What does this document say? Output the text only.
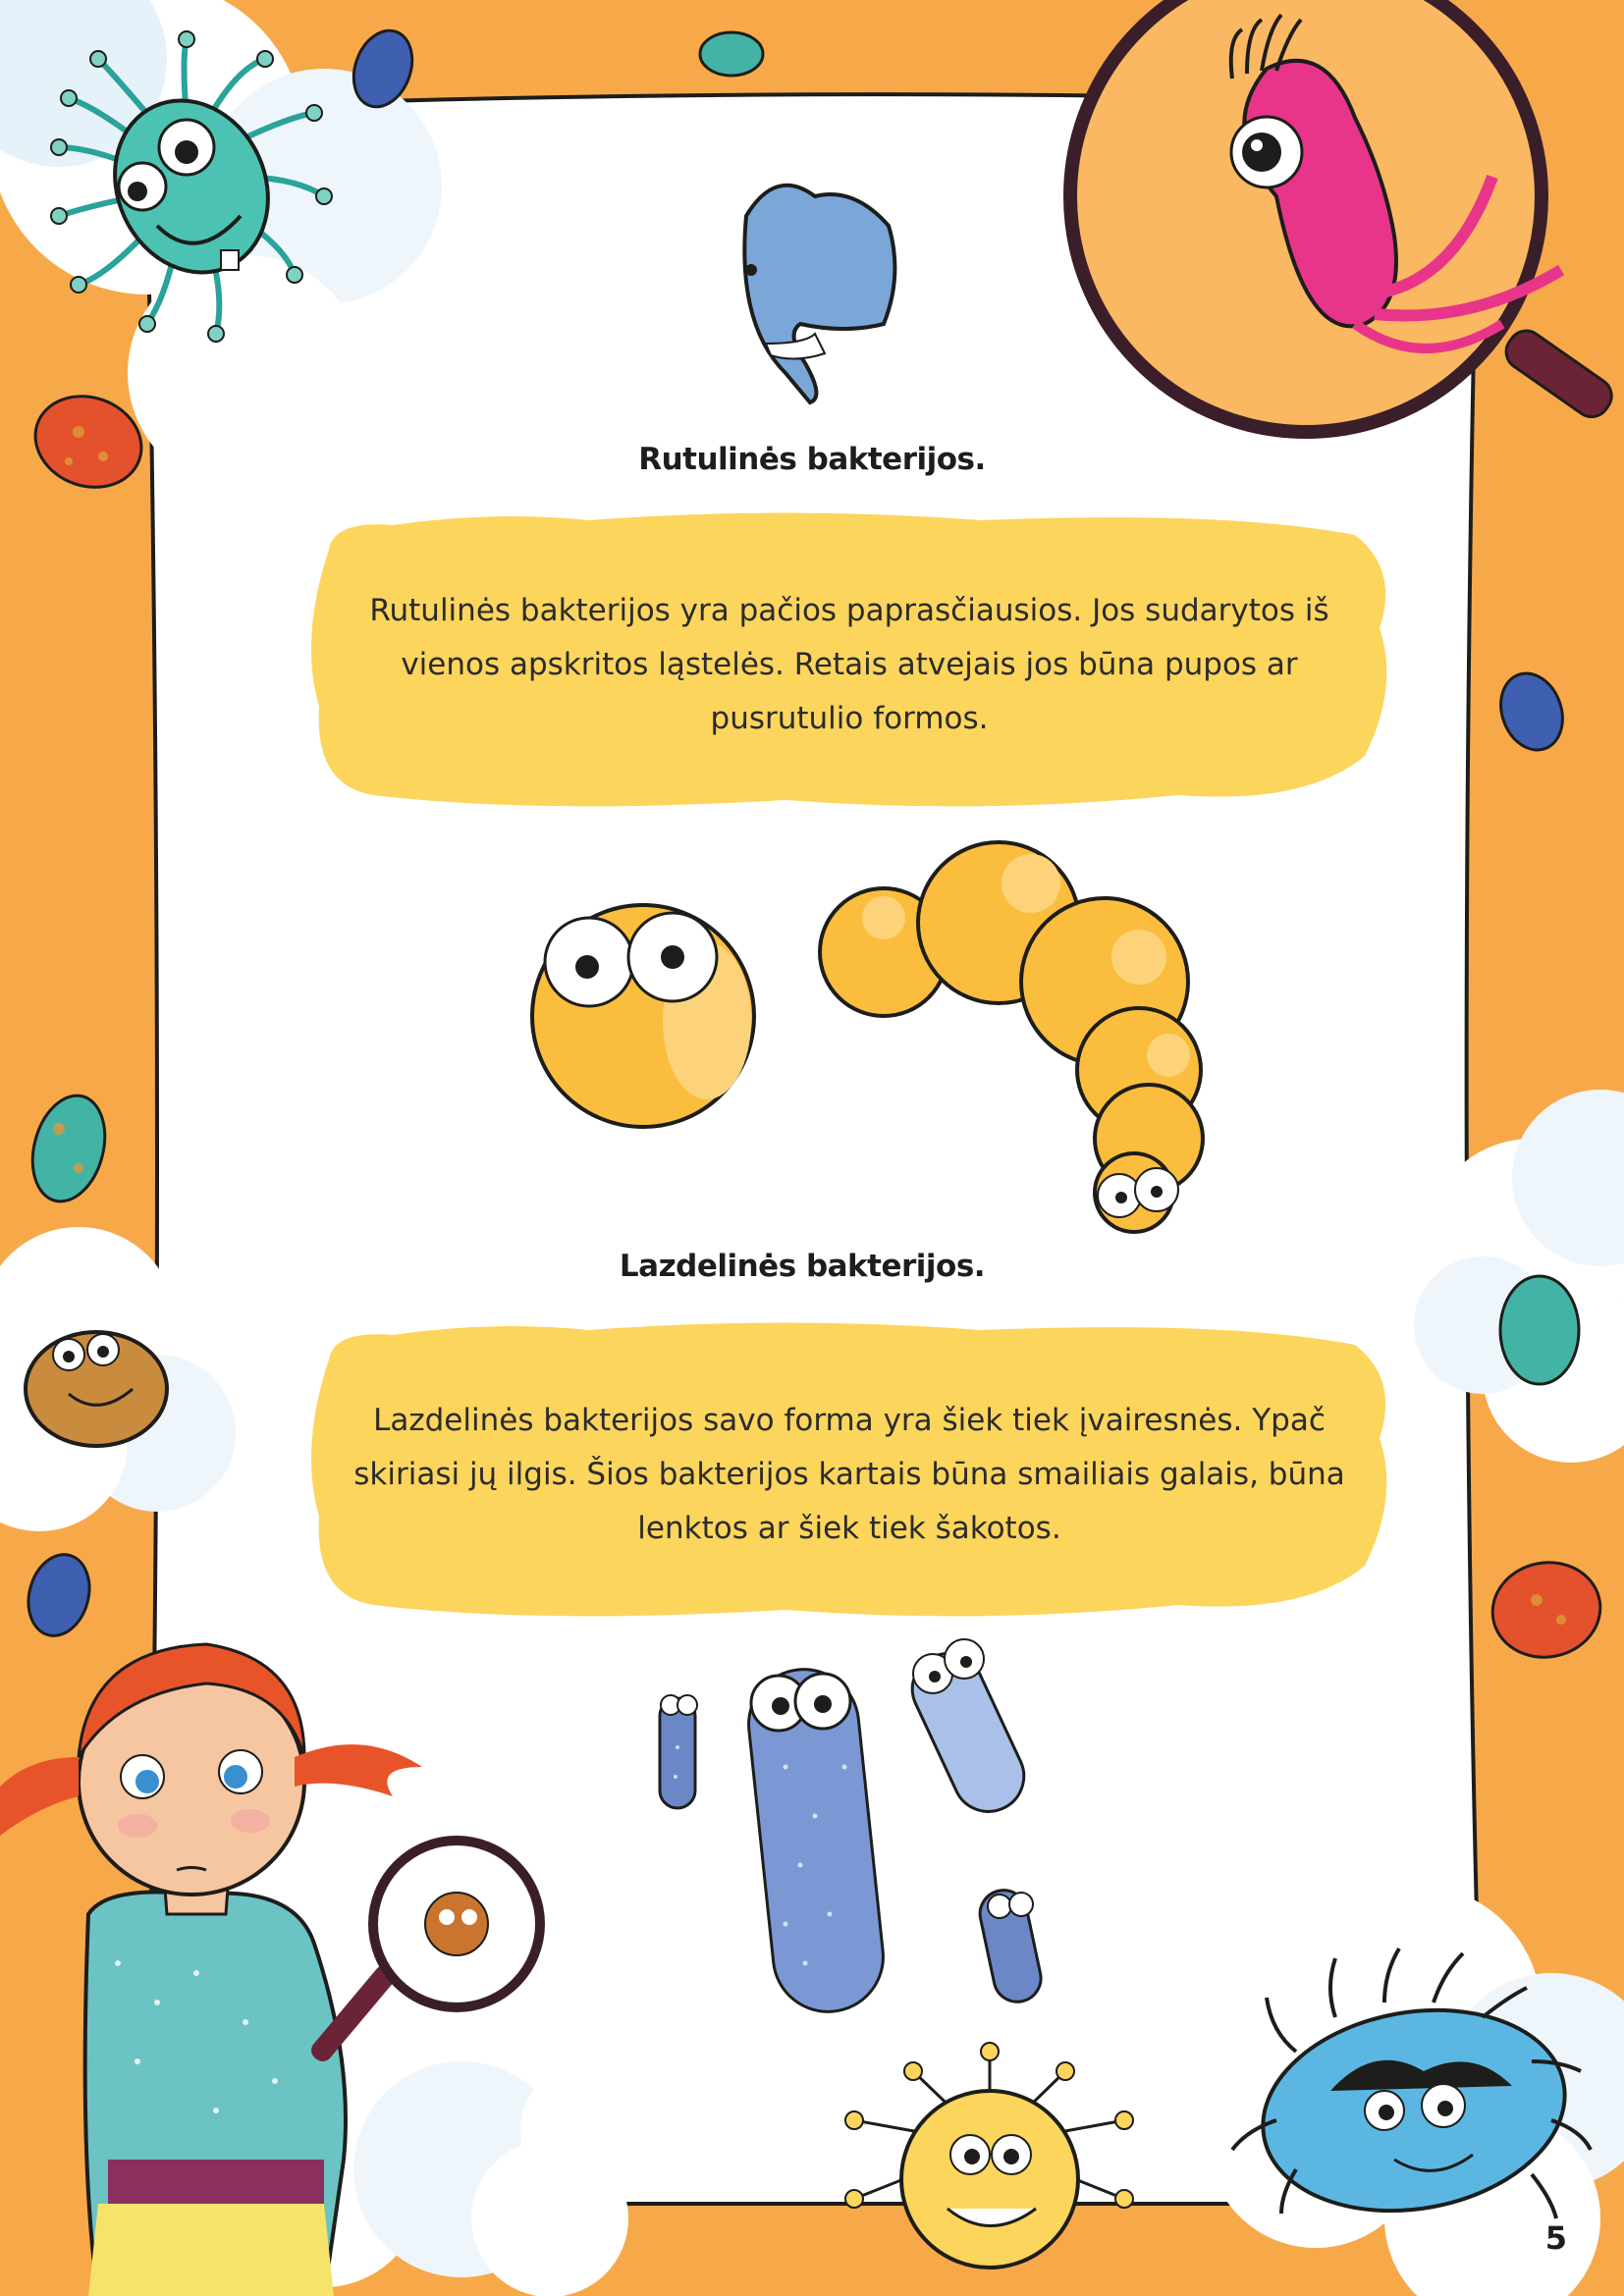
Rutulinės bakterijos.
Rutulinės bakterijos yra pačios paprasčiausios. Jos sudarytos iš vienos apskritos ląstelės. Retais atvejais jos būna pupos ar pusrutulio formos.
Lazdelinės bakterijos.
Lazdelinės bakterijos savo forma yra šiek tiek įvairesnės. Ypač skiriasi jų ilgis. Šios bakterijos kartais būna smailiais galais, būna lenktos ar šiek tiek šakotos.
5
